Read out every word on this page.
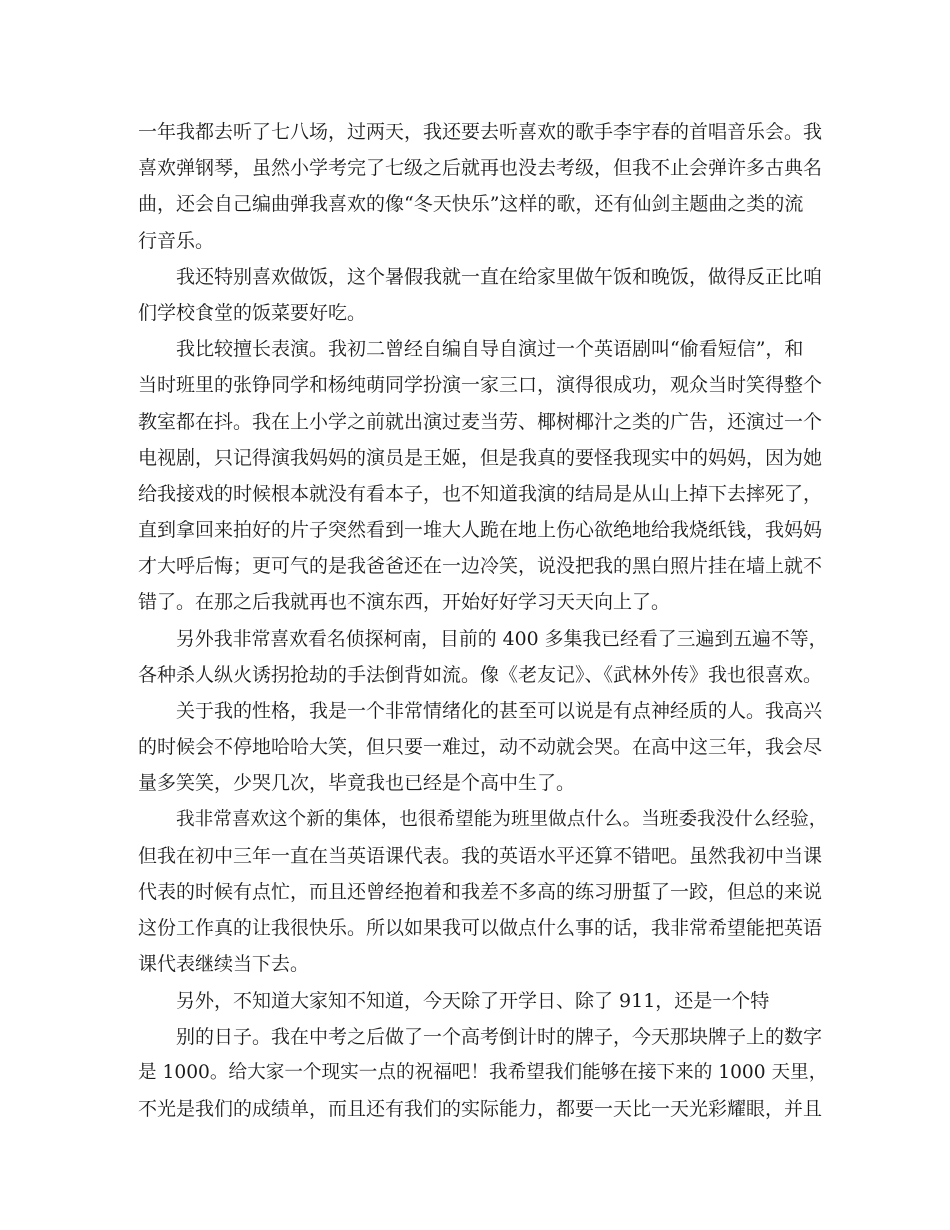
一年我都去听了七八场，过两天，我还要去听喜欢的歌手李宇春的首唱音乐会。我
喜欢弹钢琴，虽然小学考完了七级之后就再也没去考级，但我不止会弹许多古典名
曲，还会自己编曲弹我喜欢的像“冬天快乐”这样的歌，还有仙剑主题曲之类的流
行音乐。
我还特别喜欢做饭，这个暑假我就一直在给家里做午饭和晚饭，做得反正比咱
们学校食堂的饭菜要好吃。
我比较擅长表演。我初二曾经自编自导自演过一个英语剧叫“偷看短信”，和
当时班里的张铮同学和杨纯萌同学扮演一家三口，演得很成功，观众当时笑得整个
教室都在抖。我在上小学之前就出演过麦当劳、椰树椰汁之类的广告，还演过一个
电视剧，只记得演我妈妈的演员是王姬，但是我真的要怪我现实中的妈妈，因为她
给我接戏的时候根本就没有看本子，也不知道我演的结局是从山上掉下去摔死了，
直到拿回来拍好的片子突然看到一堆大人跪在地上伤心欲绝地给我烧纸钱，我妈妈
才大呼后悔；更可气的是我爸爸还在一边冷笑，说没把我的黑白照片挂在墙上就不
错了。在那之后我就再也不演东西，开始好好学习天天向上了。
另外我非常喜欢看名侦探柯南，目前的 400 多集我已经看了三遍到五遍不等，
各种杀人纵火诱拐抢劫的手法倒背如流。像《老友记》、《武林外传》我也很喜欢。
关于我的性格，我是一个非常情绪化的甚至可以说是有点神经质的人。我高兴
的时候会不停地哈哈大笑，但只要一难过，动不动就会哭。在高中这三年，我会尽
量多笑笑，少哭几次，毕竟我也已经是个高中生了。
我非常喜欢这个新的集体，也很希望能为班里做点什么。当班委我没什么经验，
但我在初中三年一直在当英语课代表。我的英语水平还算不错吧。虽然我初中当课
代表的时候有点忙，而且还曾经抱着和我差不多高的练习册蜇了一跤，但总的来说
这份工作真的让我很快乐。所以如果我可以做点什么事的话，我非常希望能把英语
课代表继续当下去。
另外，不知道大家知不知道，今天除了开学日、除了 911，还是一个特
别的日子。我在中考之后做了一个高考倒计时的牌子，今天那块牌子上的数字
是 1000。给大家一个现实一点的祝福吧！我希望我们能够在接下来的 1000 天里，
不光是我们的成绩单，而且还有我们的实际能力，都要一天比一天光彩耀眼，并且
